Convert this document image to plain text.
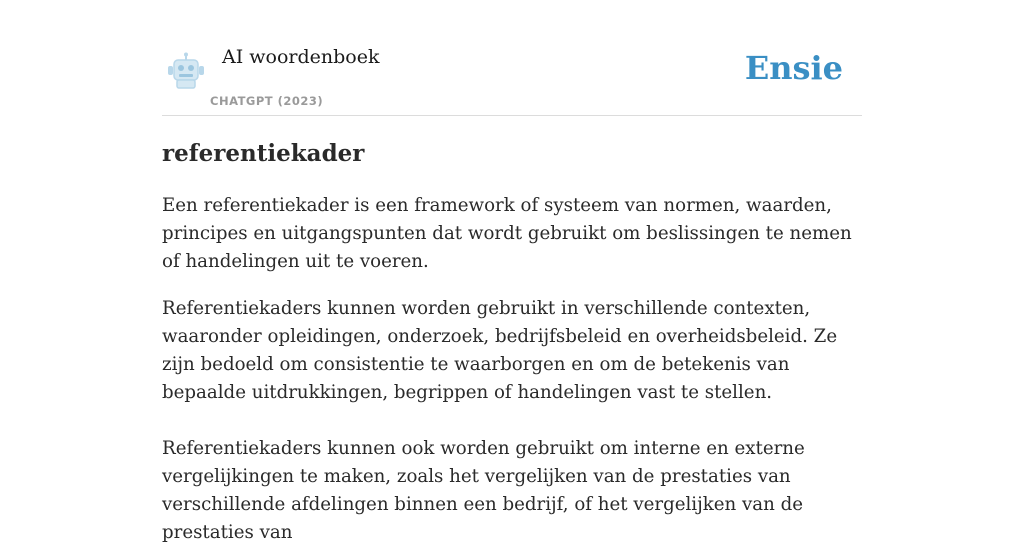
AI woordenboek
CHATGPT (2023)
Ensie
referentiekader

Een referentiekader is een framework of systeem van normen, waarden, principes en uitgangspunten dat wordt gebruikt om beslissingen te nemen of handelingen uit te voeren.

Referentiekaders kunnen worden gebruikt in verschillende contexten, waaronder opleidingen, onderzoek, bedrijfsbeleid en overheidsbeleid. Ze zijn bedoeld om consistentie te waarborgen en om de betekenis van bepaalde uitdrukkingen, begrippen of handelingen vast te stellen.

Referentiekaders kunnen ook worden gebruikt om interne en externe vergelijkingen te maken, zoals het vergelijken van de prestaties van verschillende afdelingen binnen een bedrijf, of het vergelijken van de prestaties van
